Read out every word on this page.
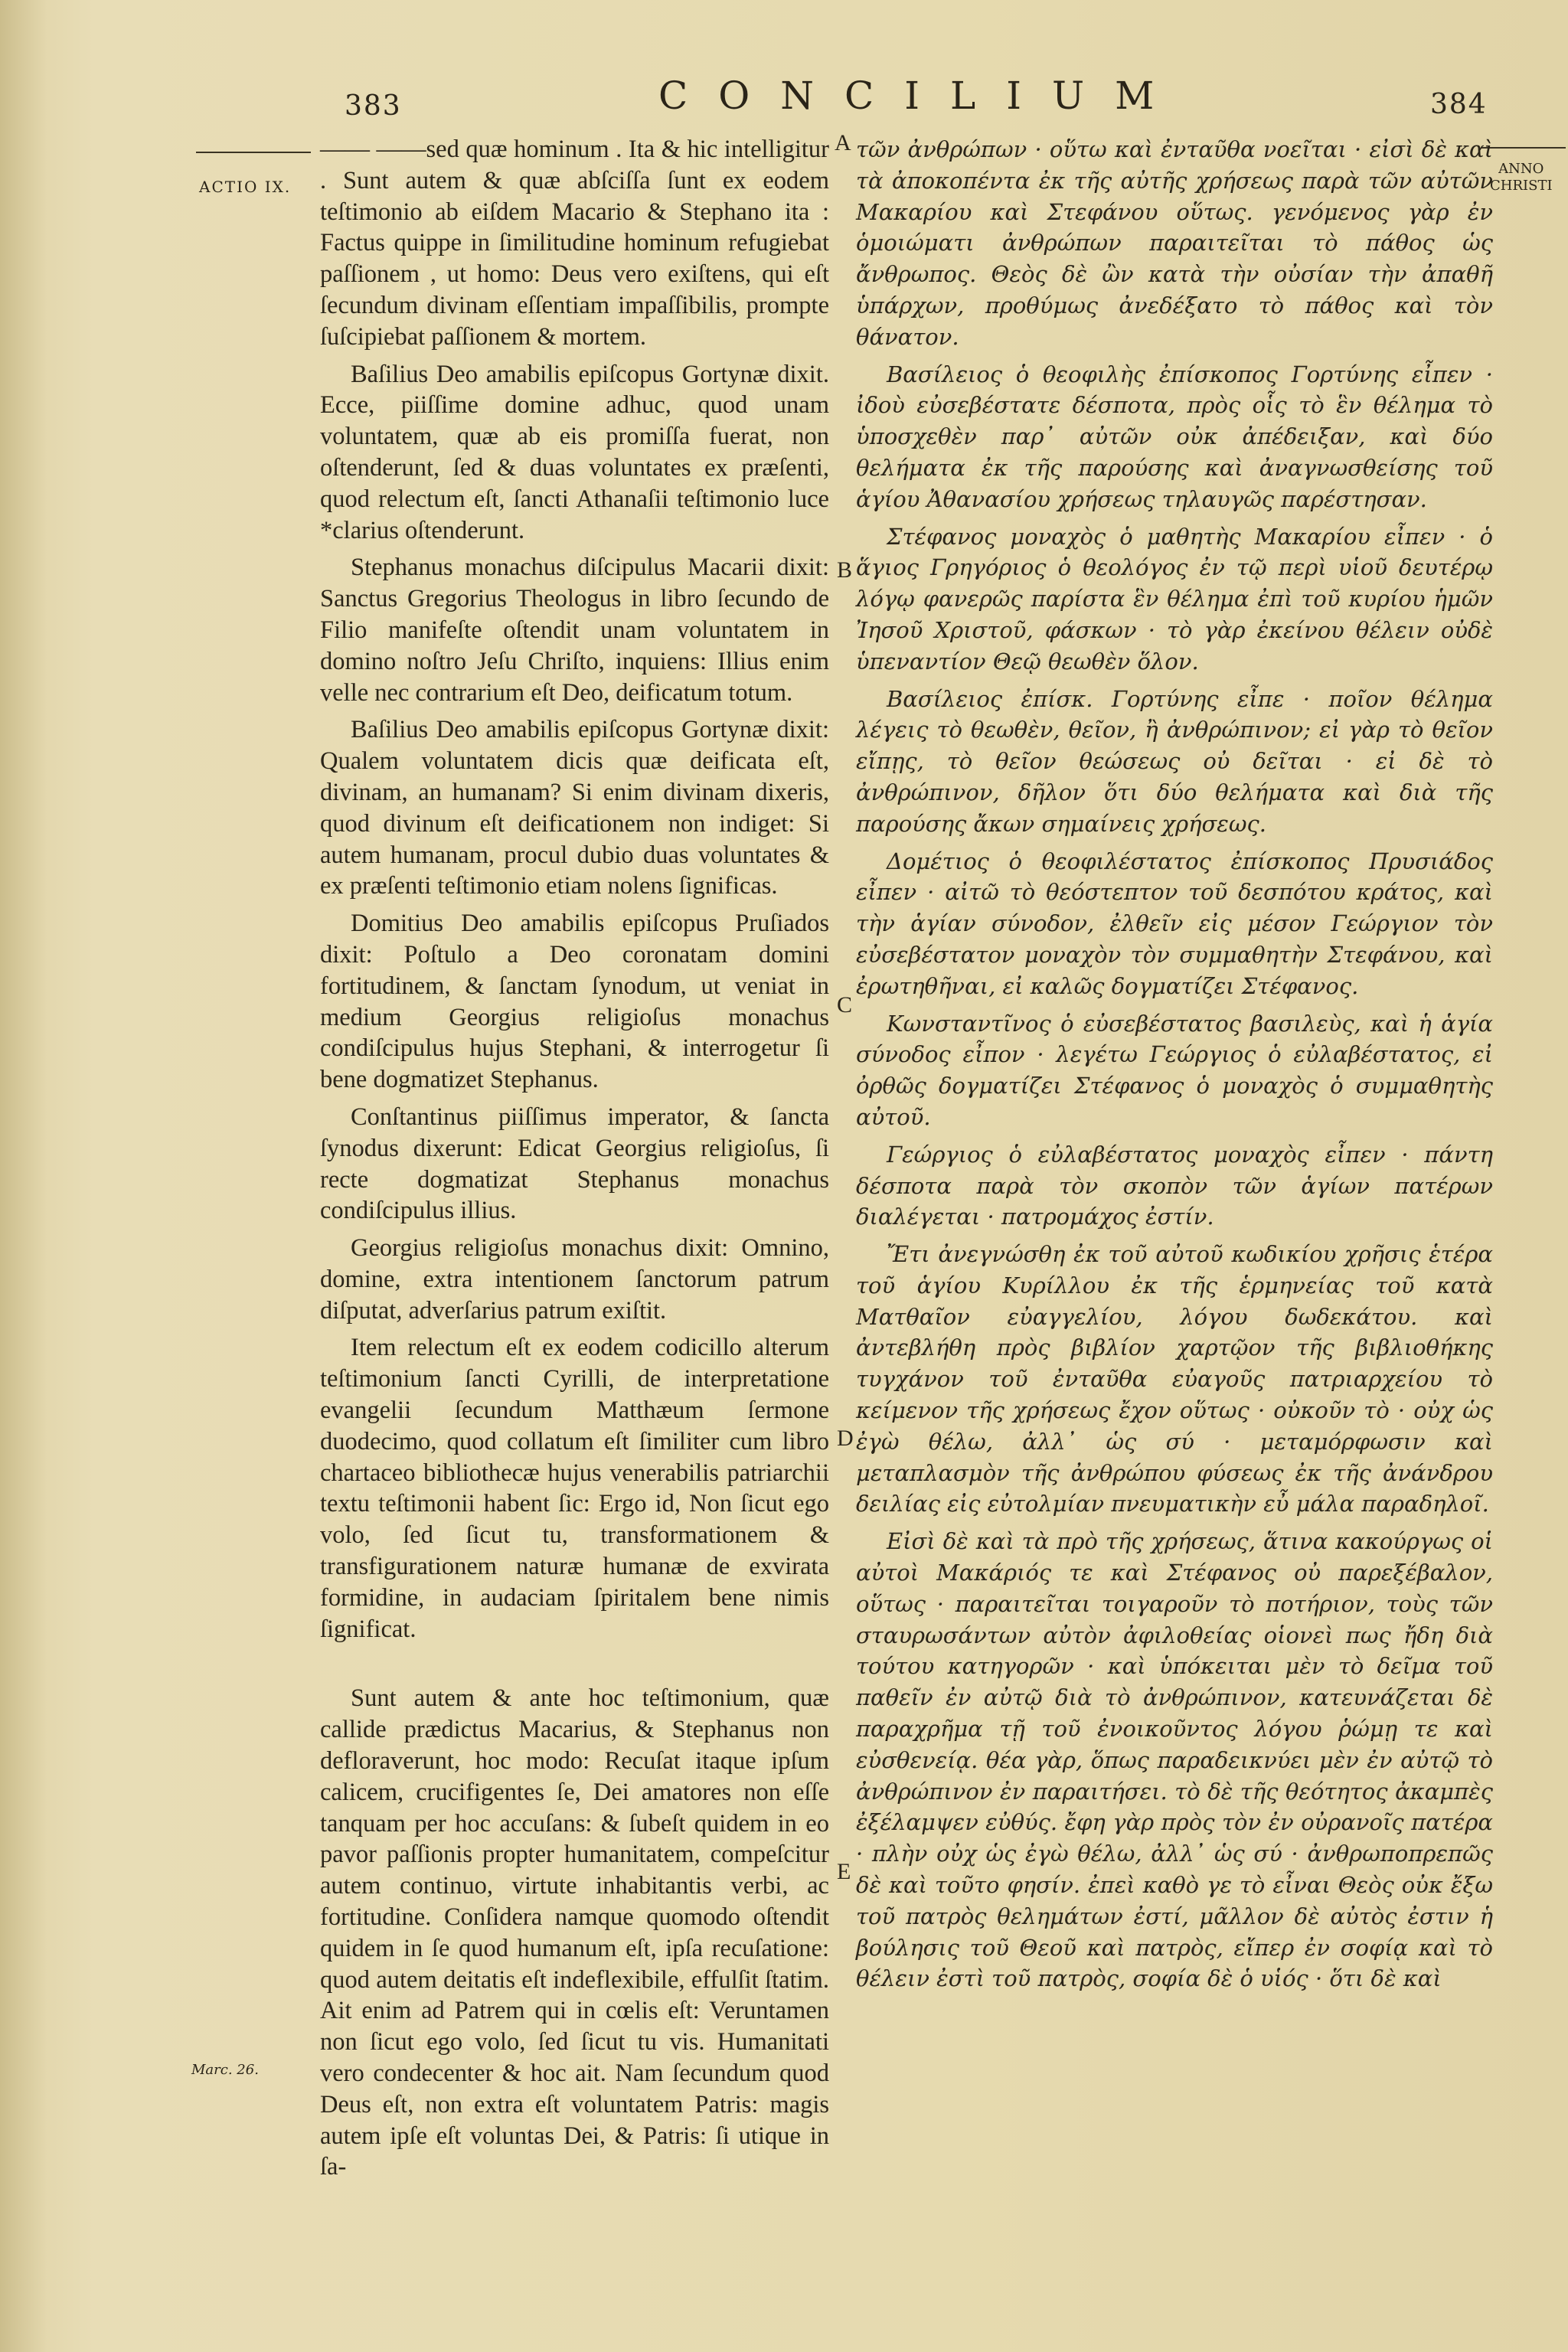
383	CONCILIUM	384
ACTIO IX.
ANNO
CHRISTI
Marc. 26.
A
B
C
D
E

—— ——sed quæ hominum . Ita & hic intelligitur . Sunt autem & quæ abſciſſa ſunt ex eodem teſtimonio ab eiſdem Macario & Stephano ita : Factus quippe in ſimilitudine hominum refugiebat paſſionem , ut homo: Deus vero exiſtens, qui eſt ſecundum divinam eſſentiam impaſſibilis, prompte ſuſcipiebat paſſionem & mortem.

Baſilius Deo amabilis epiſcopus Gortynæ dixit. Ecce, piiſſime domine adhuc, quod unam voluntatem, quæ ab eis promiſſa fuerat, non oſtenderunt, ſed & duas voluntates ex præſenti, quod relectum eſt, ſancti Athanaſii teſtimonio luce *clarius oſtenderunt.

Stephanus monachus diſcipulus Macarii dixit: Sanctus Gregorius Theologus in libro ſecundo de Filio manifeſte oſtendit unam voluntatem in domino noſtro Jeſu Chriſto, inquiens: Illius enim velle nec contrarium eſt Deo, deificatum totum.

Baſilius Deo amabilis epiſcopus Gortynæ dixit: Qualem voluntatem dicis quæ deificata eſt, divinam, an humanam? Si enim divinam dixeris, quod divinum eſt deificationem non indiget: Si autem humanam, procul dubio duas voluntates & ex præſenti teſtimonio etiam nolens ſignificas.

Domitius Deo amabilis epiſcopus Pruſiados dixit: Poſtulo a Deo coronatam domini fortitudinem, & ſanctam ſynodum, ut veniat in medium Georgius religioſus monachus condiſcipulus hujus Stephani, & interrogetur ſi bene dogmatizet Stephanus.

Conſtantinus piiſſimus imperator, & ſancta ſynodus dixerunt: Edicat Georgius religioſus, ſi recte dogmatizat Stephanus monachus condiſcipulus illius.

Georgius religioſus monachus dixit: Omnino, domine, extra intentionem ſanctorum patrum diſputat, adverſarius patrum exiſtit.

Item relectum eſt ex eodem codicillo alterum teſtimonium ſancti Cyrilli, de interpretatione evangelii ſecundum Matthæum ſermone duodecimo, quod collatum eſt ſimiliter cum libro chartaceo bibliothecæ hujus venerabilis patriarchii textu teſtimonii habent ſic: Ergo id, Non ſicut ego volo, ſed ſicut tu, transformationem & transfigurationem naturæ humanæ de exvirata formidine, in audaciam ſpiritalem bene nimis ſignificat.

Sunt autem & ante hoc teſtimonium, quæ callide prædictus Macarius, & Stephanus non defloraverunt, hoc modo: Recuſat itaque ipſum calicem, crucifigentes ſe, Dei amatores non eſſe tanquam per hoc accuſans: & ſubeſt quidem in eo pavor paſſionis propter humanitatem, compeſcitur autem continuo, virtute inhabitantis verbi, ac fortitudine. Conſidera namque quomodo oſtendit quidem in ſe quod humanum eſt, ipſa recuſatione: quod autem deitatis eſt indeflexibile, effulſit ſtatim. Ait enim ad Patrem qui in cœlis eſt: Veruntamen non ſicut ego volo, ſed ſicut tu vis. Humanitati vero condecenter & hoc ait. Nam ſecundum quod Deus eſt, non extra eſt voluntatem Patris: magis autem ipſe eſt voluntas Dei, & Patris: ſi utique in ſa-

τῶν ἀνθρώπων · οὕτω καὶ ἐνταῦθα νοεῖται · εἰσὶ δὲ καὶ τὰ ἀποκοπέντα ἐκ τῆς αὐτῆς χρήσεως παρὰ τῶν αὐτῶν Μακαρίου καὶ Στεφάνου οὕτως. γενόμενος γὰρ ἐν ὁμοιώματι ἀνθρώπων παραιτεῖται τὸ πάθος ὡς ἄνθρωπος. Θεὸς δὲ ὢν κατὰ τὴν οὐσίαν τὴν ἀπαθῆ ὑπάρχων, προθύμως ἀνεδέξατο τὸ πάθος καὶ τὸν θάνατον.

Βασίλειος ὁ θεοφιλὴς ἐπίσκοπος Γορτύνης εἶπεν · ἰδοὺ εὐσεβέστατε δέσποτα, πρὸς οἷς τὸ ἓν θέλημα τὸ ὑποσχεθὲν παρ᾽ αὐτῶν οὐκ ἀπέδειξαν, καὶ δύο θελήματα ἐκ τῆς παρούσης καὶ ἀναγνωσθείσης τοῦ ἁγίου Ἀθανασίου χρήσεως τηλαυγῶς παρέστησαν.

Στέφανος μοναχὸς ὁ μαθητὴς Μακαρίου εἶπεν · ὁ ἅγιος Γρηγόριος ὁ θεολόγος ἐν τῷ περὶ υἱοῦ δευτέρῳ λόγῳ φανερῶς παρίστα ἓν θέλημα ἐπὶ τοῦ κυρίου ἡμῶν Ἰησοῦ Χριστοῦ, φάσκων · τὸ γὰρ ἐκείνου θέλειν οὐδὲ ὑπεναντίον Θεῷ θεωθὲν ὅλον.

Βασίλειος ἐπίσκ. Γορτύνης εἶπε · ποῖον θέλημα λέγεις τὸ θεωθὲν, θεῖον, ἢ ἀνθρώπινον; εἰ γὰρ τὸ θεῖον εἴπῃς, τὸ θεῖον θεώσεως οὐ δεῖται · εἰ δὲ τὸ ἀνθρώπινον, δῆλον ὅτι δύο θελήματα καὶ διὰ τῆς παρούσης ἄκων σημαίνεις χρήσεως.

Δομέτιος ὁ θεοφιλέστατος ἐπίσκοπος Πρυσιάδος εἶπεν · αἰτῶ τὸ θεόστεπτον τοῦ δεσπότου κράτος, καὶ τὴν ἁγίαν σύνοδον, ἐλθεῖν εἰς μέσον Γεώργιον τὸν εὐσεβέστατον μοναχὸν τὸν συμμαθητὴν Στεφάνου, καὶ ἐρωτηθῆναι, εἰ καλῶς δογματίζει Στέφανος.

Κωνσταντῖνος ὁ εὐσεβέστατος βασιλεὺς, καὶ ἡ ἁγία σύνοδος εἶπον · λεγέτω Γεώργιος ὁ εὐλαβέστατος, εἰ ὀρθῶς δογματίζει Στέφανος ὁ μοναχὸς ὁ συμμαθητὴς αὐτοῦ.

Γεώργιος ὁ εὐλαβέστατος μοναχὸς εἶπεν · πάντη δέσποτα παρὰ τὸν σκοπὸν τῶν ἁγίων πατέρων διαλέγεται · πατρομάχος ἐστίν.

Ἔτι ἀνεγνώσθη ἐκ τοῦ αὐτοῦ κωδικίου χρῆσις ἑτέρα τοῦ ἁγίου Κυρίλλου ἐκ τῆς ἑρμηνείας τοῦ κατὰ Ματθαῖον εὐαγγελίου, λόγου δωδεκάτου. καὶ ἀντεβλήθη πρὸς βιβλίον χαρτῷον τῆς βιβλιοθήκης τυγχάνον τοῦ ἐνταῦθα εὐαγοῦς πατριαρχείου τὸ κείμενον τῆς χρήσεως ἔχον οὕτως · οὐκοῦν τὸ · οὐχ ὡς ἐγὼ θέλω, ἀλλ᾽ ὡς σύ · μεταμόρφωσιν καὶ μεταπλασμὸν τῆς ἀνθρώπου φύσεως ἐκ τῆς ἀνάνδρου δειλίας εἰς εὐτολμίαν πνευματικὴν εὖ μάλα παραδηλοῖ.

Εἰσὶ δὲ καὶ τὰ πρὸ τῆς χρήσεως, ἅτινα κακούργως οἱ αὐτοὶ Μακάριός τε καὶ Στέφανος οὐ παρεξέβαλον, οὕτως · παραιτεῖται τοιγαροῦν τὸ ποτήριον, τοὺς τῶν σταυρωσάντων αὐτὸν ἀφιλοθείας οἱονεὶ πως ἤδη διὰ τούτου κατηγορῶν · καὶ ὑπόκειται μὲν τὸ δεῖμα τοῦ παθεῖν ἐν αὐτῷ διὰ τὸ ἀνθρώπινον, κατευνάζεται δὲ παραχρῆμα τῇ τοῦ ἐνοικοῦντος λόγου ῥώμῃ τε καὶ εὐσθενείᾳ. θέα γὰρ, ὅπως παραδεικνύει μὲν ἐν αὐτῷ τὸ ἀνθρώπινον ἐν παραιτήσει. τὸ δὲ τῆς θεότητος ἀκαμπὲς ἐξέλαμψεν εὐθύς. ἔφη γὰρ πρὸς τὸν ἐν οὐρανοῖς πατέρα · πλὴν οὐχ ὡς ἐγὼ θέλω, ἀλλ᾽ ὡς σύ · ἀνθρωποπρεπῶς δὲ καὶ τοῦτο φησίν. ἐπεὶ καθὸ γε τὸ εἶναι Θεὸς οὐκ ἔξω τοῦ πατρὸς θελημάτων ἐστί, μᾶλλον δὲ αὐτὸς ἐστιν ἡ βούλησις τοῦ Θεοῦ καὶ πατρὸς, εἴπερ ἐν σοφίᾳ καὶ τὸ θέλειν ἐστὶ τοῦ πατρὸς, σοφία δὲ ὁ υἱός · ὅτι δὲ καὶ
